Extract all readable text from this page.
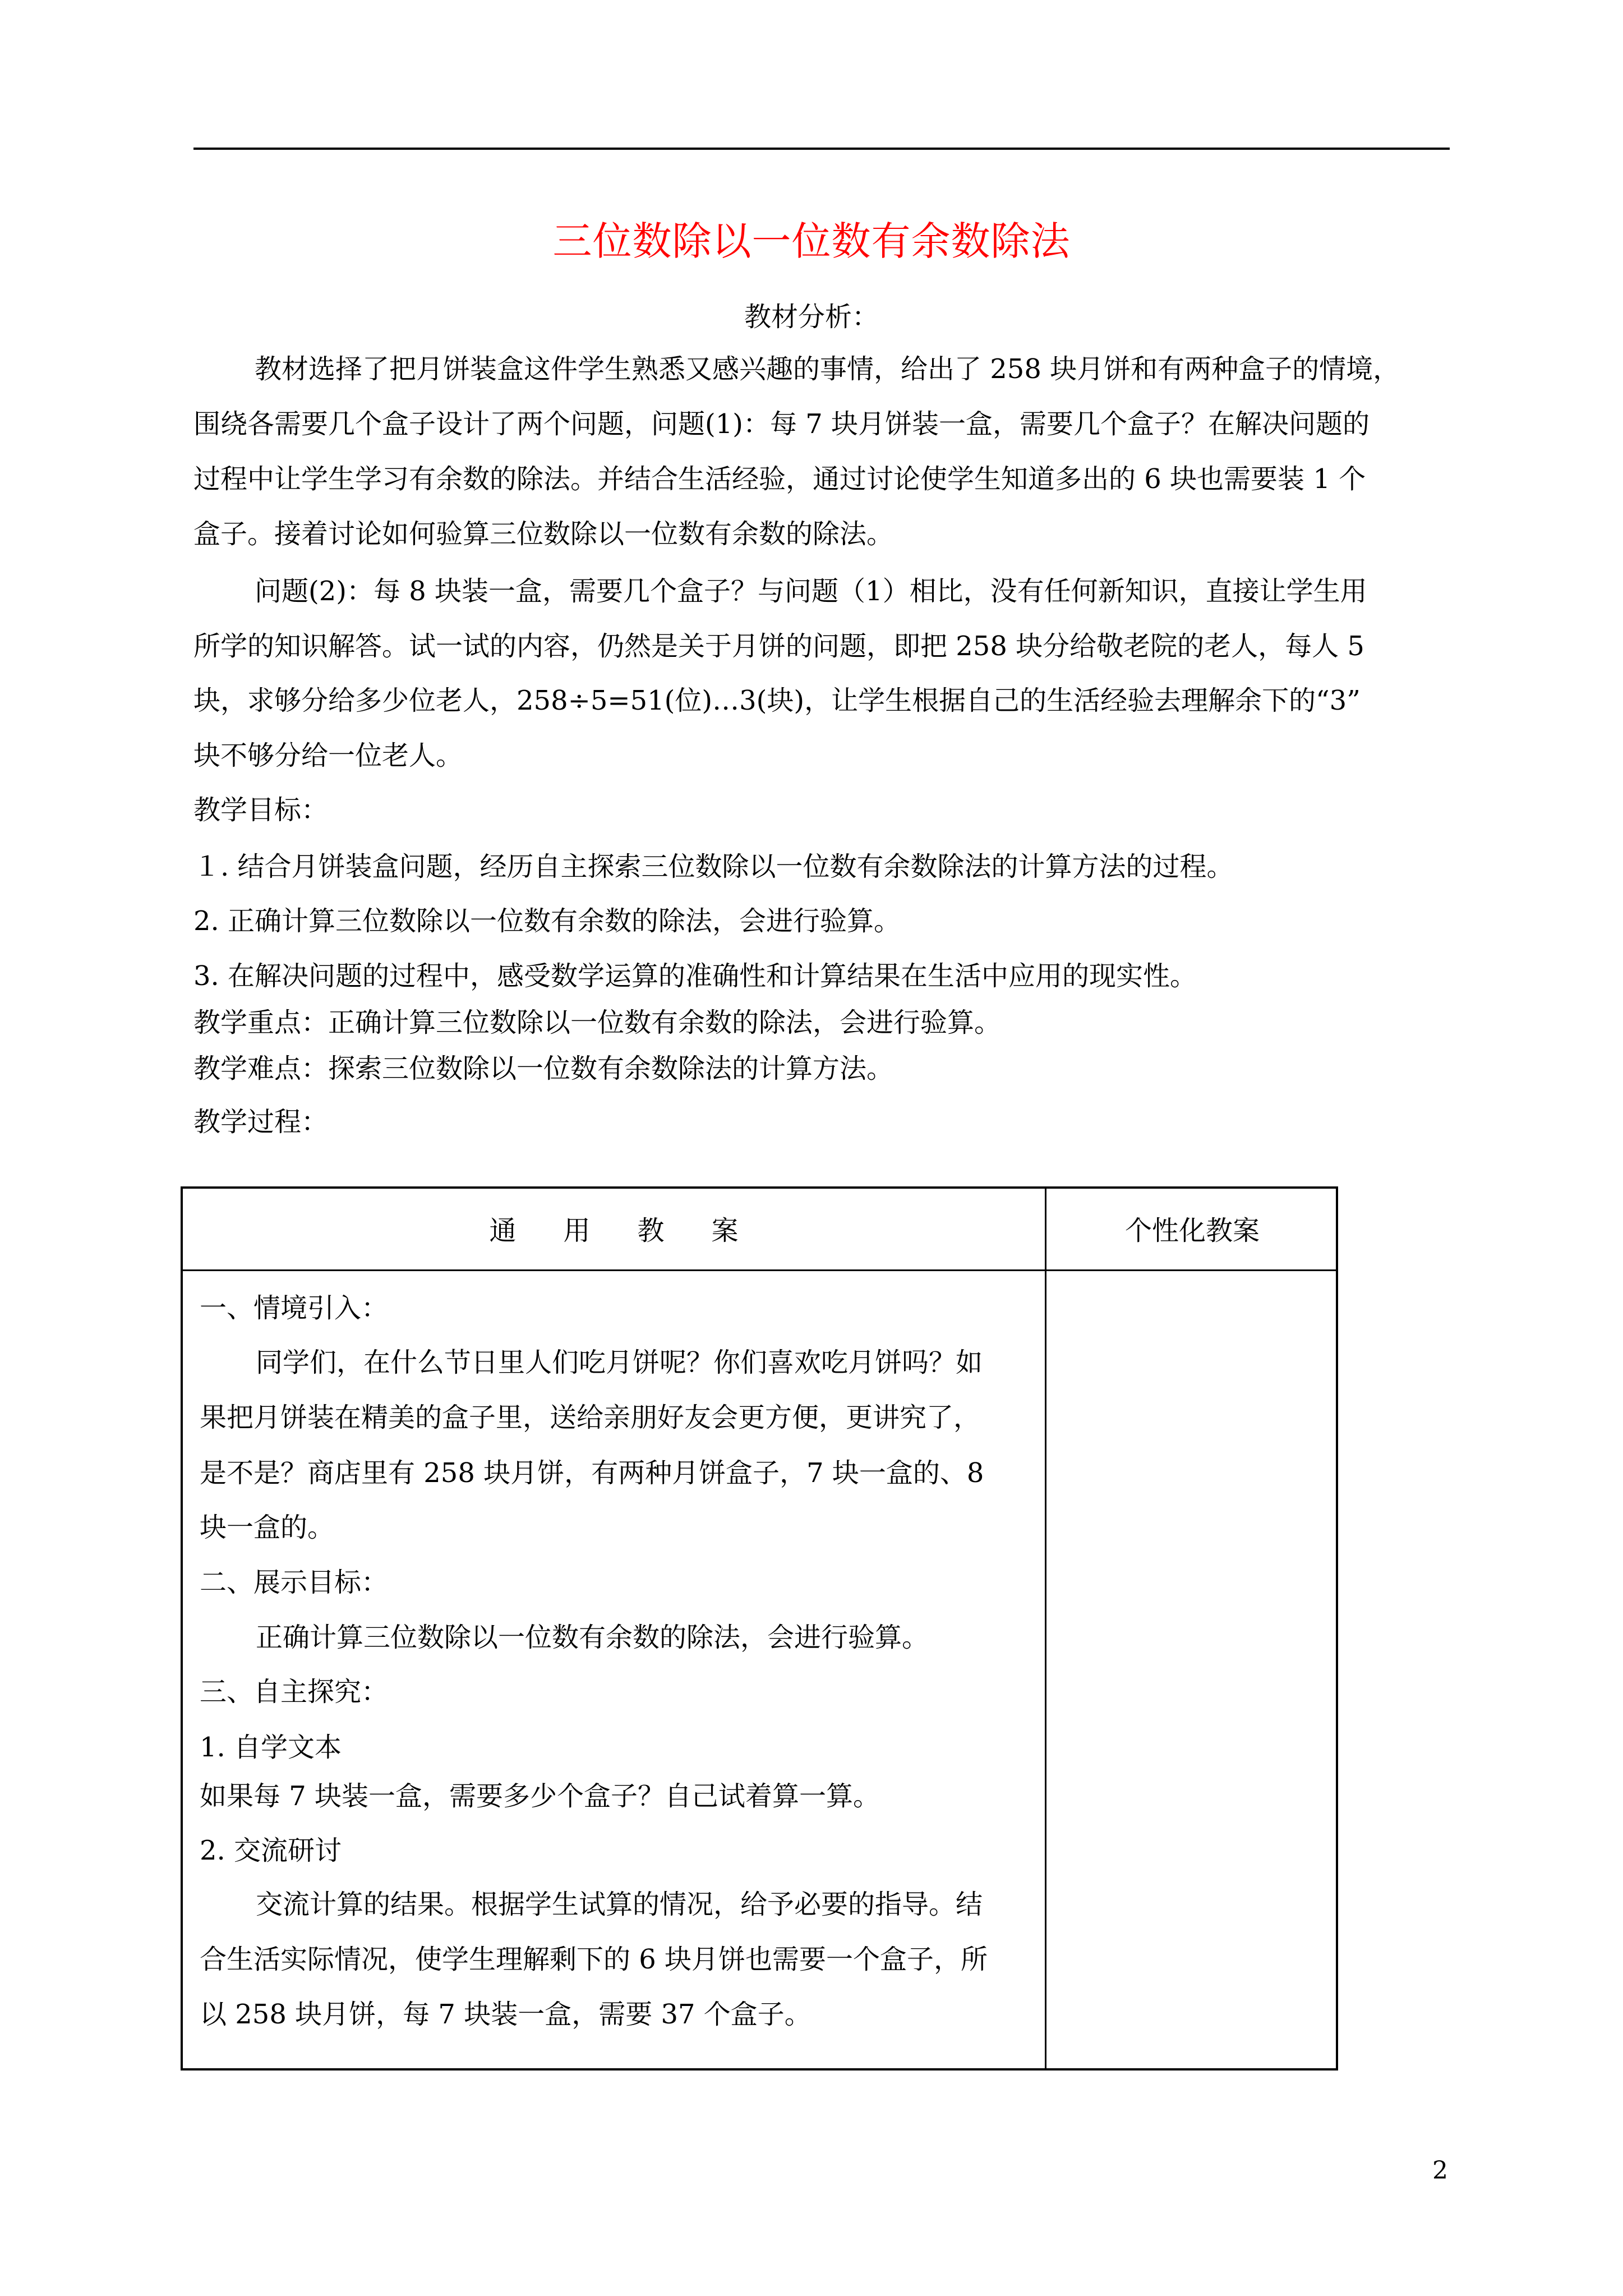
三位数除以一位数有余数除法
教材分析：
教材选择了把月饼装盒这件学生熟悉又感兴趣的事情，给出了 258 块月饼和有两种盒子的情境，
围绕各需要几个盒子设计了两个问题，问题(1)：每 7 块月饼装一盒，需要几个盒子？在解决问题的
过程中让学生学习有余数的除法。并结合生活经验，通过讨论使学生知道多出的 6 块也需要装 1 个
盒子。接着讨论如何验算三位数除以一位数有余数的除法。
问题(2)：每 8 块装一盒，需要几个盒子？与问题（1）相比，没有任何新知识，直接让学生用
所学的知识解答。试一试的内容，仍然是关于月饼的问题，即把 258 块分给敬老院的老人，每人 5
块，求够分给多少位老人，258÷5=51(位)…3(块)，让学生根据自己的生活经验去理解余下的“3”
块不够分给一位老人。
教学目标：
１. 结合月饼装盒问题，经历自主探索三位数除以一位数有余数除法的计算方法的过程。
2. 正确计算三位数除以一位数有余数的除法，会进行验算。
3. 在解决问题的过程中，感受数学运算的准确性和计算结果在生活中应用的现实性。
教学重点：正确计算三位数除以一位数有余数的除法，会进行验算。
教学难点：探索三位数除以一位数有余数除法的计算方法。
教学过程：
通 用 教 案	个性化教案
一、情境引入：
同学们，在什么节日里人们吃月饼呢？你们喜欢吃月饼吗？如
果把月饼装在精美的盒子里，送给亲朋好友会更方便，更讲究了，
是不是？商店里有 258 块月饼，有两种月饼盒子，7 块一盒的、8
块一盒的。
二、展示目标：
正确计算三位数除以一位数有余数的除法，会进行验算。
三、自主探究：
1. 自学文本
如果每 7 块装一盒，需要多少个盒子？自己试着算一算。
2. 交流研讨
交流计算的结果。根据学生试算的情况，给予必要的指导。结
合生活实际情况，使学生理解剩下的 6 块月饼也需要一个盒子，所
以 258 块月饼，每 7 块装一盒，需要 37 个盒子。
2
